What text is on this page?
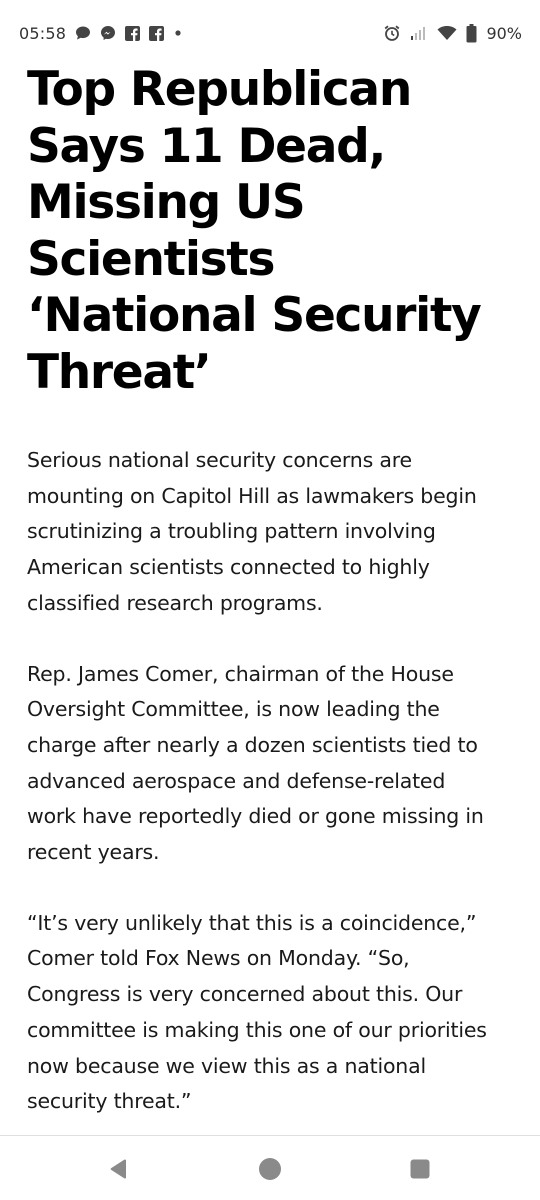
05:58	90%
Top Republican
Says 11 Dead,
Missing US
Scientists
‘National Security
Threat’

Serious national security concerns are
mounting on Capitol Hill as lawmakers begin
scrutinizing a troubling pattern involving
American scientists connected to highly
classified research programs.

Rep. James Comer, chairman of the House
Oversight Committee, is now leading the
charge after nearly a dozen scientists tied to
advanced aerospace and defense-related
work have reportedly died or gone missing in
recent years.

“It’s very unlikely that this is a coincidence,”
Comer told Fox News on Monday. “So,
Congress is very concerned about this. Our
committee is making this one of our priorities
now because we view this as a national
security threat.”
